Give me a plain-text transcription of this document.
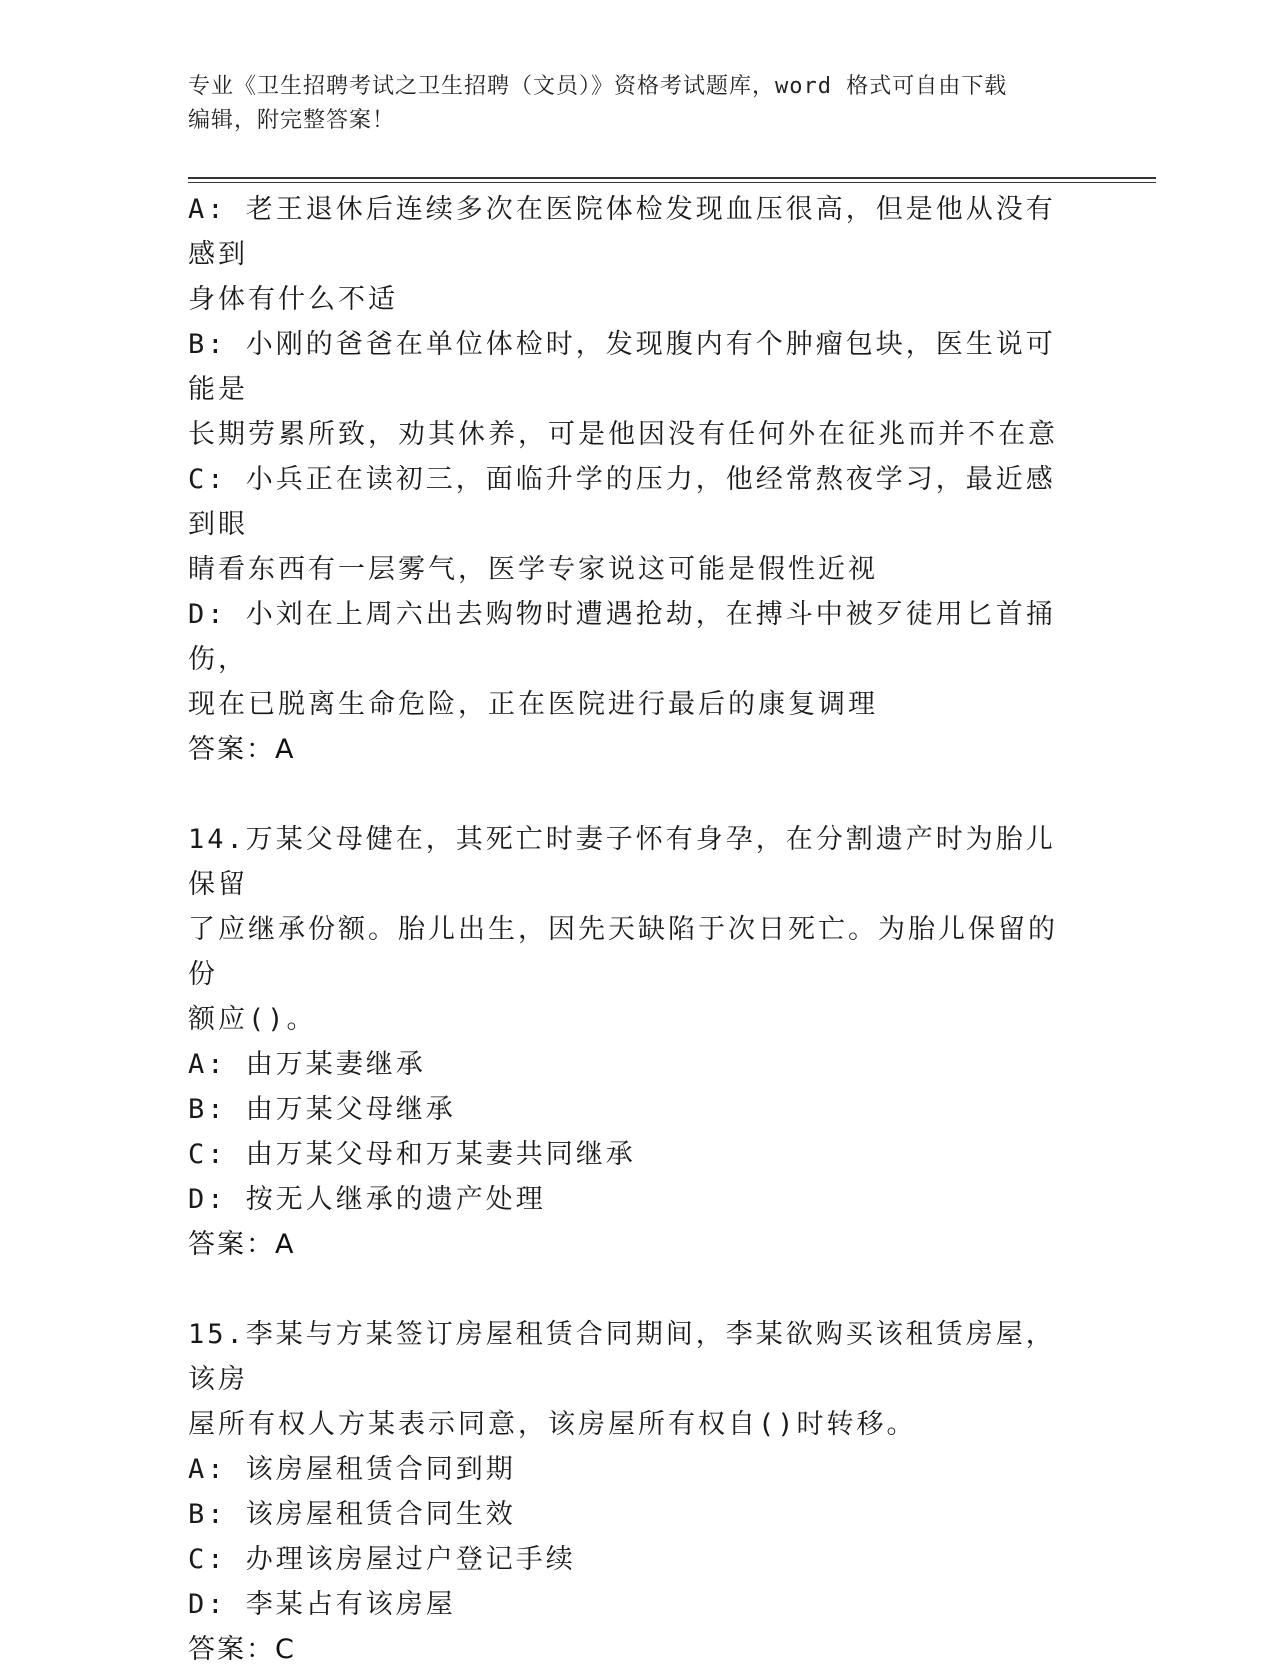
专业《卫生招聘考试之卫生招聘（文员）》资格考试题库，word 格式可自由下载
编辑，附完整答案！
A: 老王退休后连续多次在医院体检发现血压很高，但是他从没有感到
身体有什么不适
B: 小刚的爸爸在单位体检时，发现腹内有个肿瘤包块，医生说可能是
长期劳累所致，劝其休养，可是他因没有任何外在征兆而并不在意
C: 小兵正在读初三，面临升学的压力，他经常熬夜学习，最近感到眼
睛看东西有一层雾气，医学专家说这可能是假性近视
D: 小刘在上周六出去购物时遭遇抢劫，在搏斗中被歹徒用匕首捅伤，
现在已脱离生命危险，正在医院进行最后的康复调理
答案：A
14.万某父母健在，其死亡时妻子怀有身孕，在分割遗产时为胎儿保留
了应继承份额。胎儿出生，因先天缺陷于次日死亡。为胎儿保留的份
额应()。
A: 由万某妻继承
B: 由万某父母继承
C: 由万某父母和万某妻共同继承
D: 按无人继承的遗产处理
答案：A
15.李某与方某签订房屋租赁合同期间，李某欲购买该租赁房屋，该房
屋所有权人方某表示同意，该房屋所有权自()时转移。
A: 该房屋租赁合同到期
B: 该房屋租赁合同生效
C: 办理该房屋过户登记手续
D: 李某占有该房屋
答案：C
